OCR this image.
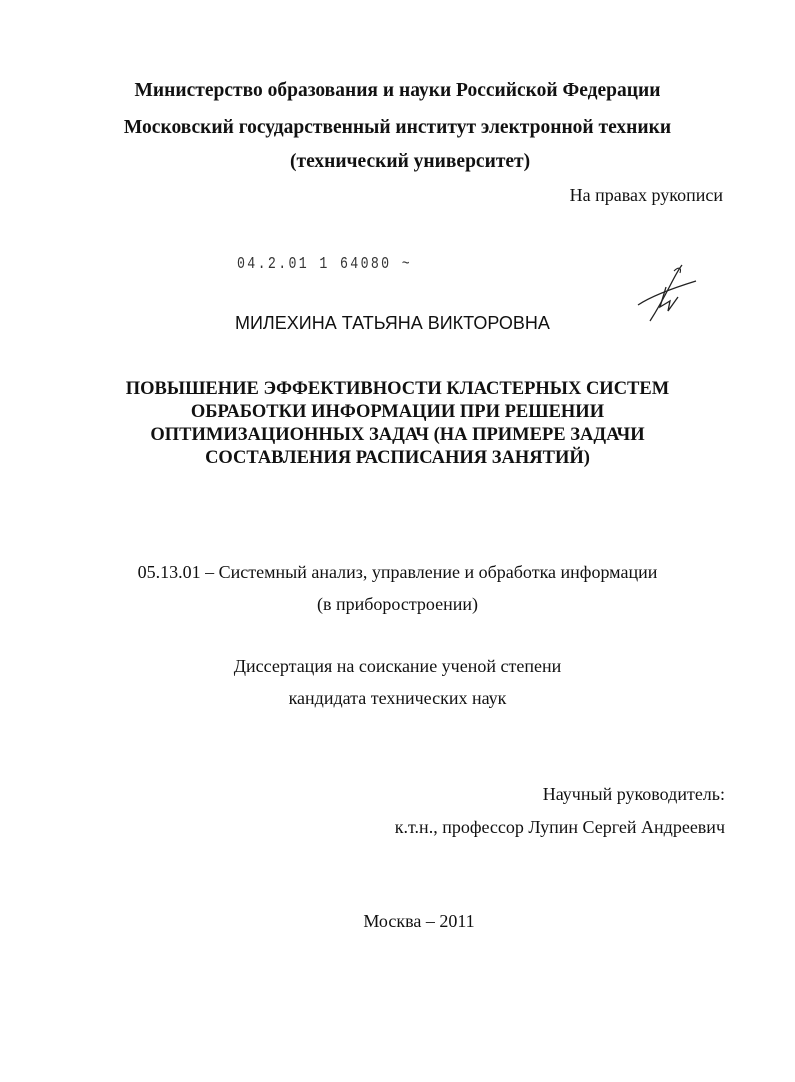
Министерство образования и науки Российской Федерации
Московский государственный институт электронной техники
(технический университет)
На правах рукописи
04.2.01 1 64080 ~
МИЛЕХИНА ТАТЬЯНА ВИКТОРОВНА
ПОВЫШЕНИЕ ЭФФЕКТИВНОСТИ КЛАСТЕРНЫХ СИСТЕМ
ОБРАБОТКИ ИНФОРМАЦИИ ПРИ РЕШЕНИИ
ОПТИМИЗАЦИОННЫХ ЗАДАЧ (НА ПРИМЕРЕ ЗАДАЧИ
СОСТАВЛЕНИЯ РАСПИСАНИЯ ЗАНЯТИЙ)
05.13.01 – Системный анализ, управление и обработка информации
(в приборостроении)
Диссертация на соискание ученой степени
кандидата технических наук
Научный руководитель:
к.т.н., профессор Лупин Сергей Андреевич
Москва – 2011
